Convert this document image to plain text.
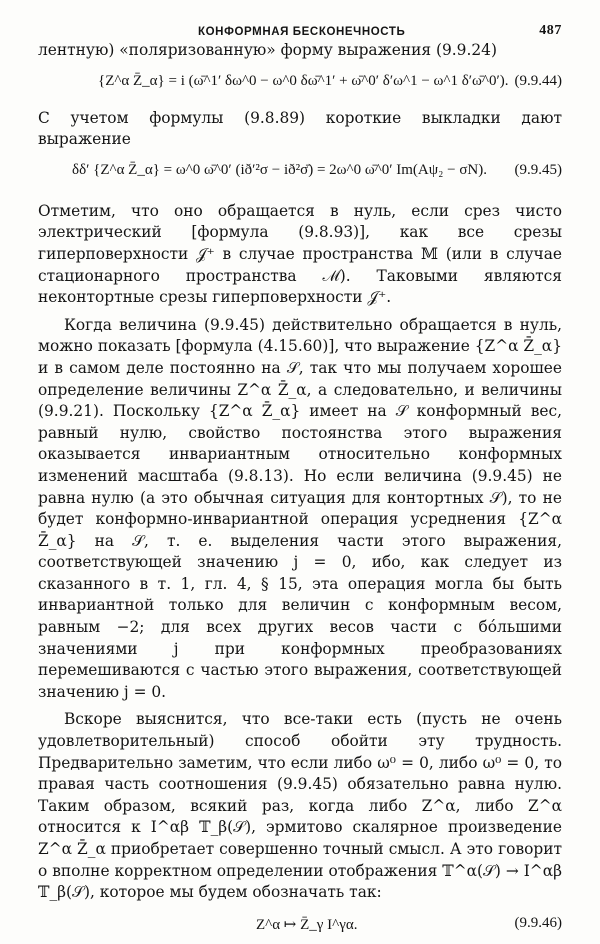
КОНФОРМНАЯ БЕСКОНЕЧНОСТЬ	487

лентную) «поляризованную» форму выражения (9.9.24)

{Z^α Z̄_α} = i (ω̄^1′ δω^0 − ω^0 δω̄^1′ + ω̄^0′ δ′ω^1 − ω^1 δ′ω̄^0′). (9.9.44)

С учетом формулы (9.8.89) короткие выкладки дают выражение

δδ′ {Z^α Z̄_α} = ω^0 ω̄^0′ (ið′²σ − ið²σ̄) = 2ω^0 ω̄^0′ Im(Aψ₂ − σN). (9.9.45)

Отметим, что оно обращается в нуль, если срез чисто электрический [формула (9.8.93)], как все срезы гиперповерхности 𝒥⁺ в случае пространства 𝕄 (или в случае стационарного пространства ℳ). Таковыми являются неконтортные срезы гиперповерхности 𝒥⁺.

Когда величина (9.9.45) действительно обращается в нуль, можно показать [формула (4.15.60)], что выражение {Z^α Z̄_α} и в самом деле постоянно на 𝒮, так что мы получаем хорошее определение величины Z^α Z̄_α, а следовательно, и величины (9.9.21). Поскольку {Z^α Z̄_α} имеет на 𝒮 конформный вес, равный нулю, свойство постоянства этого выражения оказывается инвариантным относительно конформных изменений масштаба (9.8.13). Но если величина (9.9.45) не равна нулю (а это обычная ситуация для контортных 𝒮), то не будет конформно-инвариантной операция усреднения {Z^α Z̄_α} на 𝒮, т. е. выделения части этого выражения, соответствующей значению j = 0, ибо, как следует из сказанного в т. 1, гл. 4, § 15, эта операция могла бы быть инвариантной только для величин с конформным весом, равным −2; для всех других весов части с бóльшими значениями j при конформных преобразованиях перемешиваются с частью этого выражения, соответствующей значению j = 0.

Вскоре выяснится, что все-таки есть (пусть не очень удовлетворительный) способ обойти эту трудность. Предварительно заметим, что если либо ω⁰ = 0, либо ω⁰ = 0, то правая часть соотношения (9.9.45) обязательно равна нулю. Таким образом, всякий раз, когда либо Z^α, либо Z^α относится к I^αβ 𝕋_β(𝒮), эрмитово скалярное произведение Z^α Z̄_α приобретает совершенно точный смысл. А это говорит о вполне корректном определении отображения 𝕋^α(𝒮) → I^αβ 𝕋_β(𝒮), которое мы будем обозначать так:

Z^α ↦ Z̄_γ I^γα.	(9.9.46)
